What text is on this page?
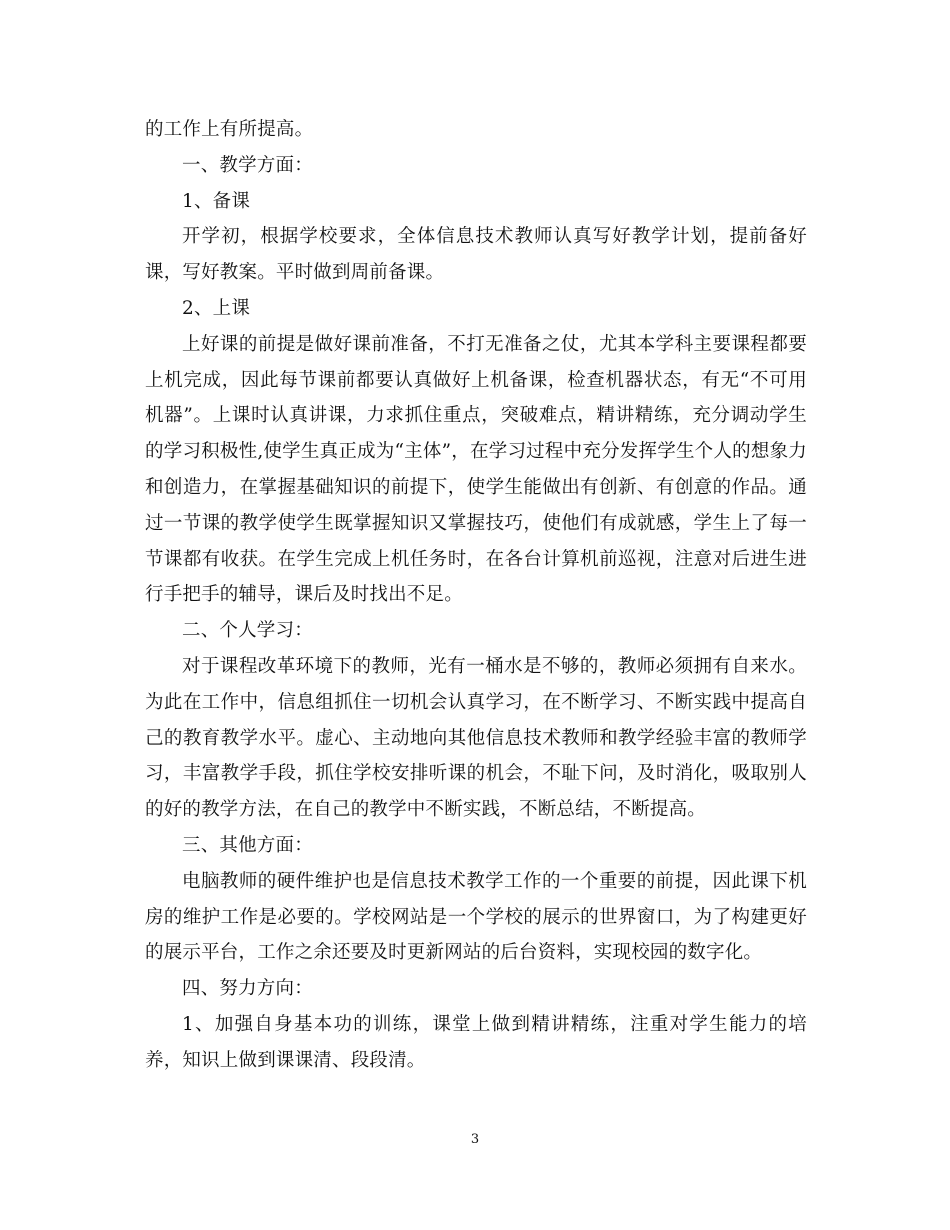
的工作上有所提高。

一、教学方面：

1、备课

开学初，根据学校要求，全体信息技术教师认真写好教学计划，提前备好课，写好教案。平时做到周前备课。

2、上课

上好课的前提是做好课前准备，不打无准备之仗，尤其本学科主要课程都要上机完成，因此每节课前都要认真做好上机备课，检查机器状态，有无“不可用机器”。上课时认真讲课，力求抓住重点，突破难点，精讲精练，充分调动学生的学习积极性,使学生真正成为“主体”，在学习过程中充分发挥学生个人的想象力和创造力，在掌握基础知识的前提下，使学生能做出有创新、有创意的作品。通过一节课的教学使学生既掌握知识又掌握技巧，使他们有成就感，学生上了每一节课都有收获。在学生完成上机任务时，在各台计算机前巡视，注意对后进生进行手把手的辅导，课后及时找出不足。

二、个人学习：

对于课程改革环境下的教师，光有一桶水是不够的，教师必须拥有自来水。为此在工作中，信息组抓住一切机会认真学习，在不断学习、不断实践中提高自己的教育教学水平。虚心、主动地向其他信息技术教师和教学经验丰富的教师学习，丰富教学手段，抓住学校安排听课的机会，不耻下问，及时消化，吸取别人的好的教学方法，在自己的教学中不断实践，不断总结，不断提高。

三、其他方面：

电脑教师的硬件维护也是信息技术教学工作的一个重要的前提，因此课下机房的维护工作是必要的。学校网站是一个学校的展示的世界窗口，为了构建更好的展示平台，工作之余还要及时更新网站的后台资料，实现校园的数字化。

四、努力方向：

1、加强自身基本功的训练，课堂上做到精讲精练，注重对学生能力的培养，知识上做到课课清、段段清。

3
